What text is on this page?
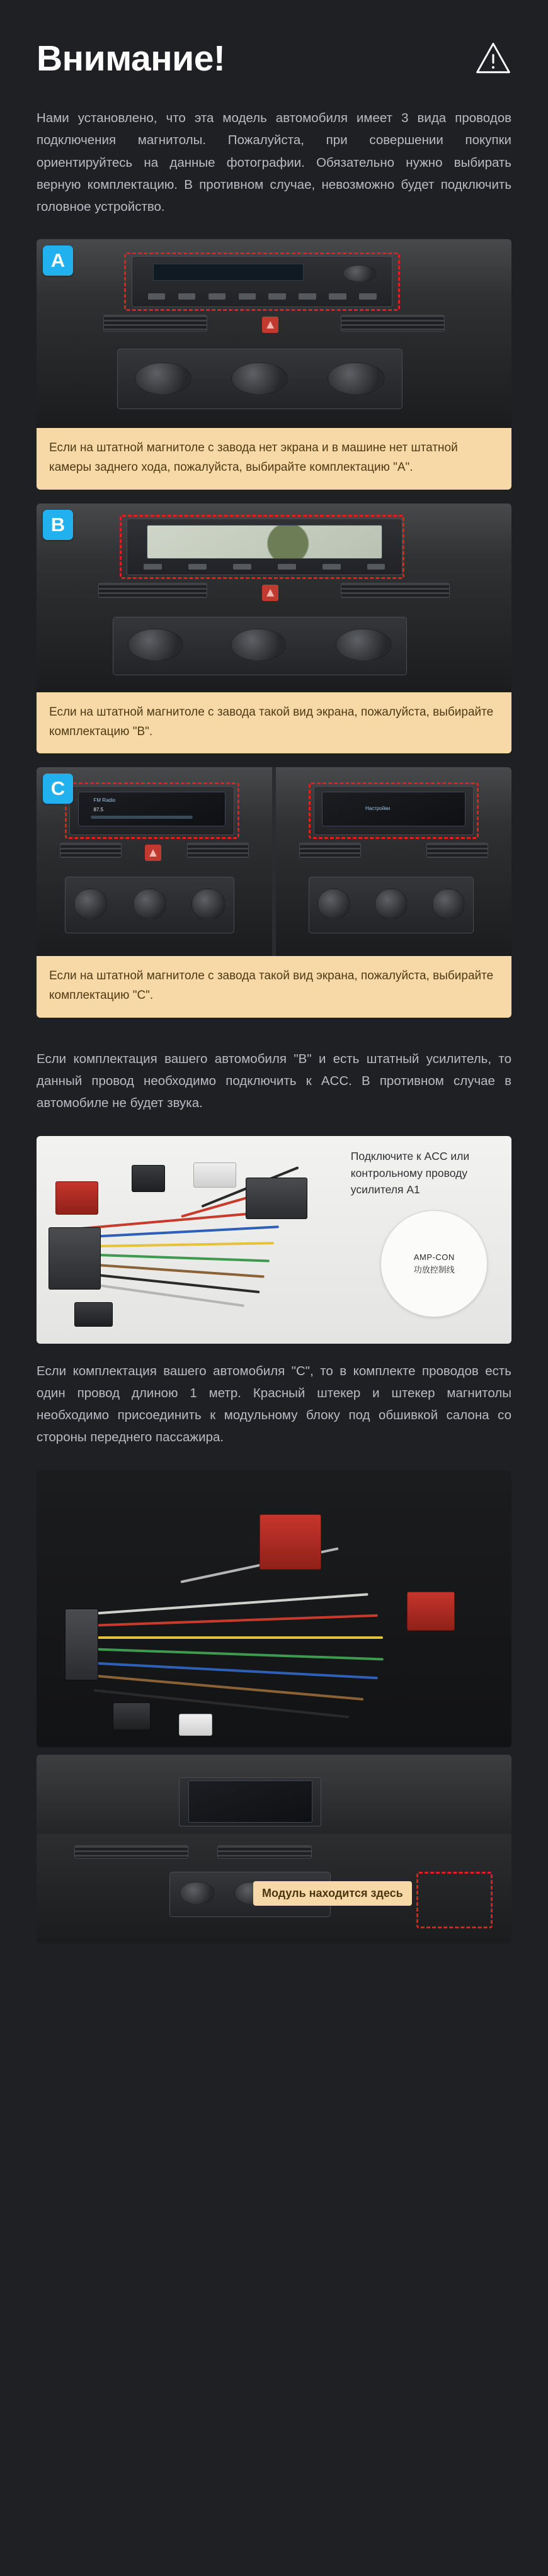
Внимание!
Нами установлено, что эта модель автомобиля имеет 3 вида проводов подключения магнитолы. Пожалуйста, при совершении покупки ориентируйтесь на данные фотографии. Обязательно нужно выбирать верную комплектацию. В противном случае, невозможно будет подключить головное устройство.
A
Если на штатной магнитоле с завода нет экрана и в машине нет штатной камеры заднего хода, пожалуйста, выбирайте комплектацию "A".
B
Если на штатной магнитоле с завода такой вид экрана, пожалуйста, выбирайте комплектацию "B".
FM Radio
87.5	Настройки
C
Если на штатной магнитоле с завода такой вид экрана, пожалуйста, выбирайте комплектацию "C".
Если комплектация вашего автомобиля "B" и есть штатный усилитель, то данный провод необходимо подключить к ACC. В противном случае в автомобиле не будет звука.
AMP-CON
功放控制线
Подключите к ACC или контрольному проводу усилителя A1
Если комплектация вашего автомобиля "C", то в комплекте проводов есть один провод длиною 1 метр. Красный штекер и штекер магнитолы необходимо присоединить к модульному блоку под обшивкой салона со стороны переднего пассажира.
Модуль находится здесь
